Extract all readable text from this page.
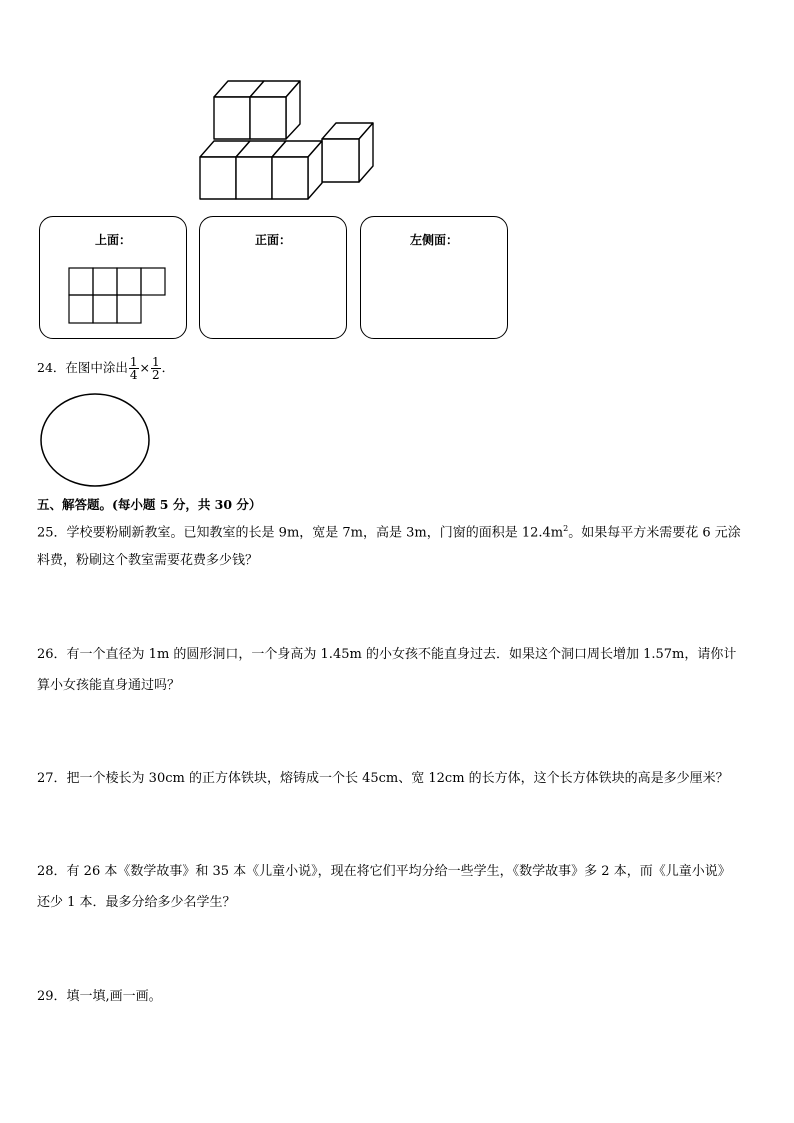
上面：	正面：	左侧面：
24．在图中涂出 $\frac{1}{4} \times \frac{1}{2}$ ．
五、解答题。(每小题 5 分，共 30 分）
25．学校要粉刷新教室。已知教室的长是 9m，宽是 7m，高是 3m，门窗的面积是 $12.4m^2$。如果每平方米需要花 6 元涂
料费，粉刷这个教室需要花费多少钱？
26．有一个直径为 1m 的圆形洞口，一个身高为 1.45m 的小女孩不能直身过去．如果这个洞口周长增加 1.57m，请你计
算小女孩能直身通过吗？
27．把一个棱长为 30cm 的正方体铁块，熔铸成一个长 45cm、宽 12cm 的长方体，这个长方体铁块的高是多少厘米？
28．有 26 本《数学故事》和 35 本《儿童小说》，现在将它们平均分给一些学生，《数学故事》多 2 本，而《儿童小说》
还少 1 本．最多分给多少名学生？
29．填一填,画一画。
